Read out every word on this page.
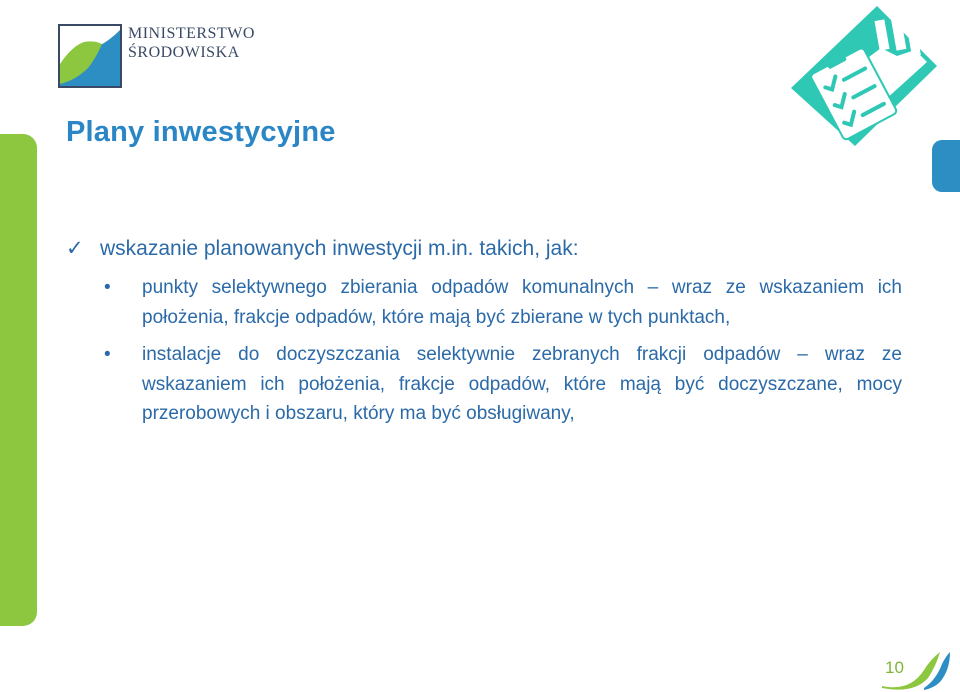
MINISTERSTWO
ŚRODOWISKA
Plany inwestycyjne
✓ wskazanie planowanych inwestycji m.in. takich, jak:
• punkty selektywnego zbierania odpadów komunalnych – wraz ze wskazaniem ich położenia, frakcje odpadów, które mają być zbierane w tych punktach,
• instalacje do doczyszczania selektywnie zebranych frakcji odpadów – wraz ze wskazaniem ich położenia, frakcje odpadów, które mają być doczyszczane, mocy przerobowych i obszaru, który ma być obsługiwany,
10
